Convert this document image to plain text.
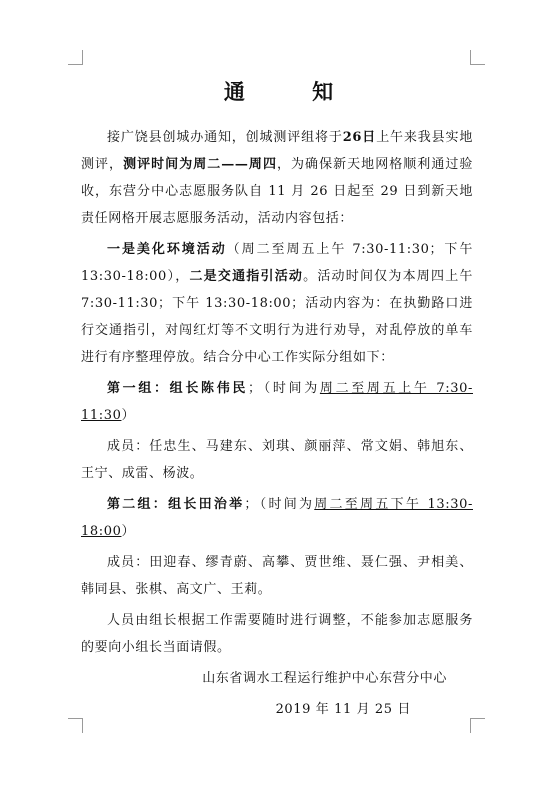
通 知

接广饶县创城办通知，创城测评组将于26日上午来我县实地测评，测评时间为周二——周四，为确保新天地网格顺利通过验收，东营分中心志愿服务队自 11 月 26 日起至 29 日到新天地责任网格开展志愿服务活动，活动内容包括：

一是美化环境活动（周二至周五上午 7:30-11:30；下午 13:30-18:00），二是交通指引活动。活动时间仅为本周四上午 7:30-11:30；下午 13:30-18:00；活动内容为：在执勤路口进行交通指引，对闯红灯等不文明行为进行劝导，对乱停放的单车进行有序整理停放。结合分中心工作实际分组如下：

第一组：组长陈伟民；（时间为周二至周五上午 7:30-11:30）

成员：任忠生、马建东、刘琪、颜丽萍、常文娟、韩旭东、王宁、成雷、杨波。

第二组：组长田治举；（时间为周二至周五下午 13:30-18:00）

成员：田迎春、缪青蔚、高攀、贾世维、聂仁强、尹相美、韩同县、张棋、高文广、王莉。

人员由组长根据工作需要随时进行调整，不能参加志愿服务的要向小组长当面请假。

山东省调水工程运行维护中心东营分中心

2019 年 11 月 25 日
